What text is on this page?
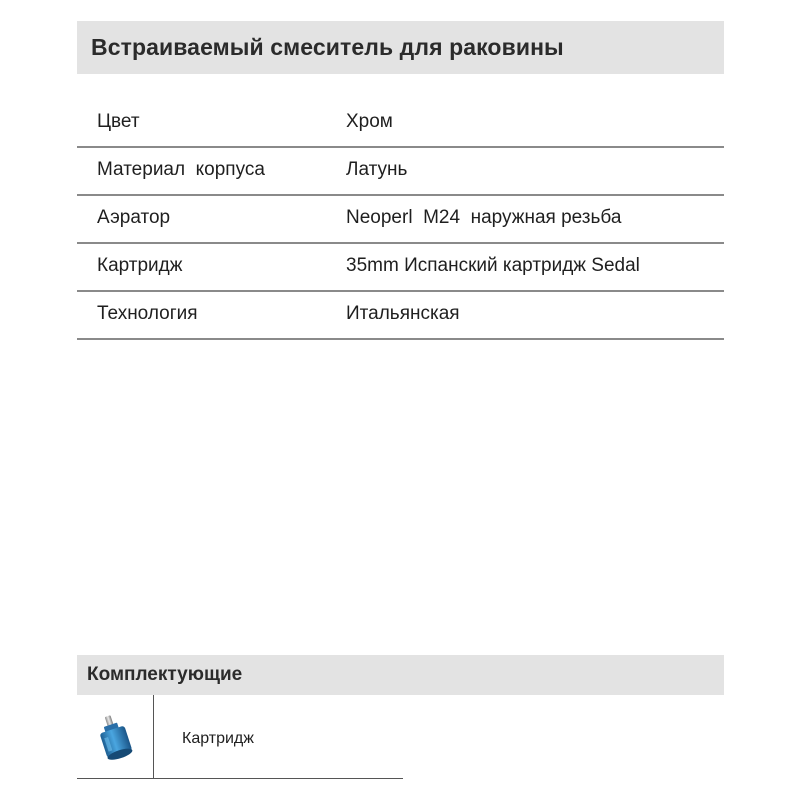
Встраиваемый смеситель для раковины
Цвет	Хром
Материал  корпуса	Латунь
Аэратор	Neoperl  M24  наружная резьба
Картридж	35mm Испанский картридж Sedal
Технология	Итальянская
Комплектующие
Картридж
